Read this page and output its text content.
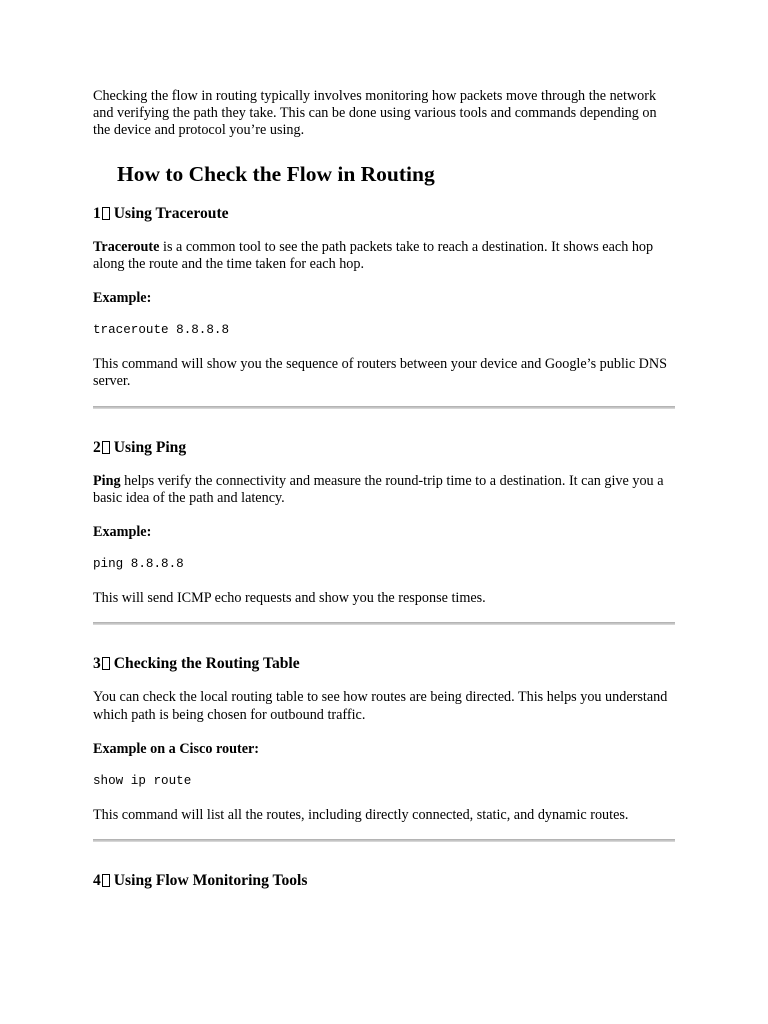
Checking the flow in routing typically involves monitoring how packets move through the network and verifying the path they take. This can be done using various tools and commands depending on the device and protocol you’re using.

How to Check the Flow in Routing
1 Using Traceroute

Traceroute is a common tool to see the path packets take to reach a destination. It shows each hop along the route and the time taken for each hop.

Example:

traceroute 8.8.8.8

This command will show you the sequence of routers between your device and Google’s public DNS server.

2 Using Ping

Ping helps verify the connectivity and measure the round-trip time to a destination. It can give you a basic idea of the path and latency.

Example:

ping 8.8.8.8

This will send ICMP echo requests and show you the response times.

3 Checking the Routing Table

You can check the local routing table to see how routes are being directed. This helps you understand which path is being chosen for outbound traffic.

Example on a Cisco router:

show ip route

This command will list all the routes, including directly connected, static, and dynamic routes.

4 Using Flow Monitoring Tools
